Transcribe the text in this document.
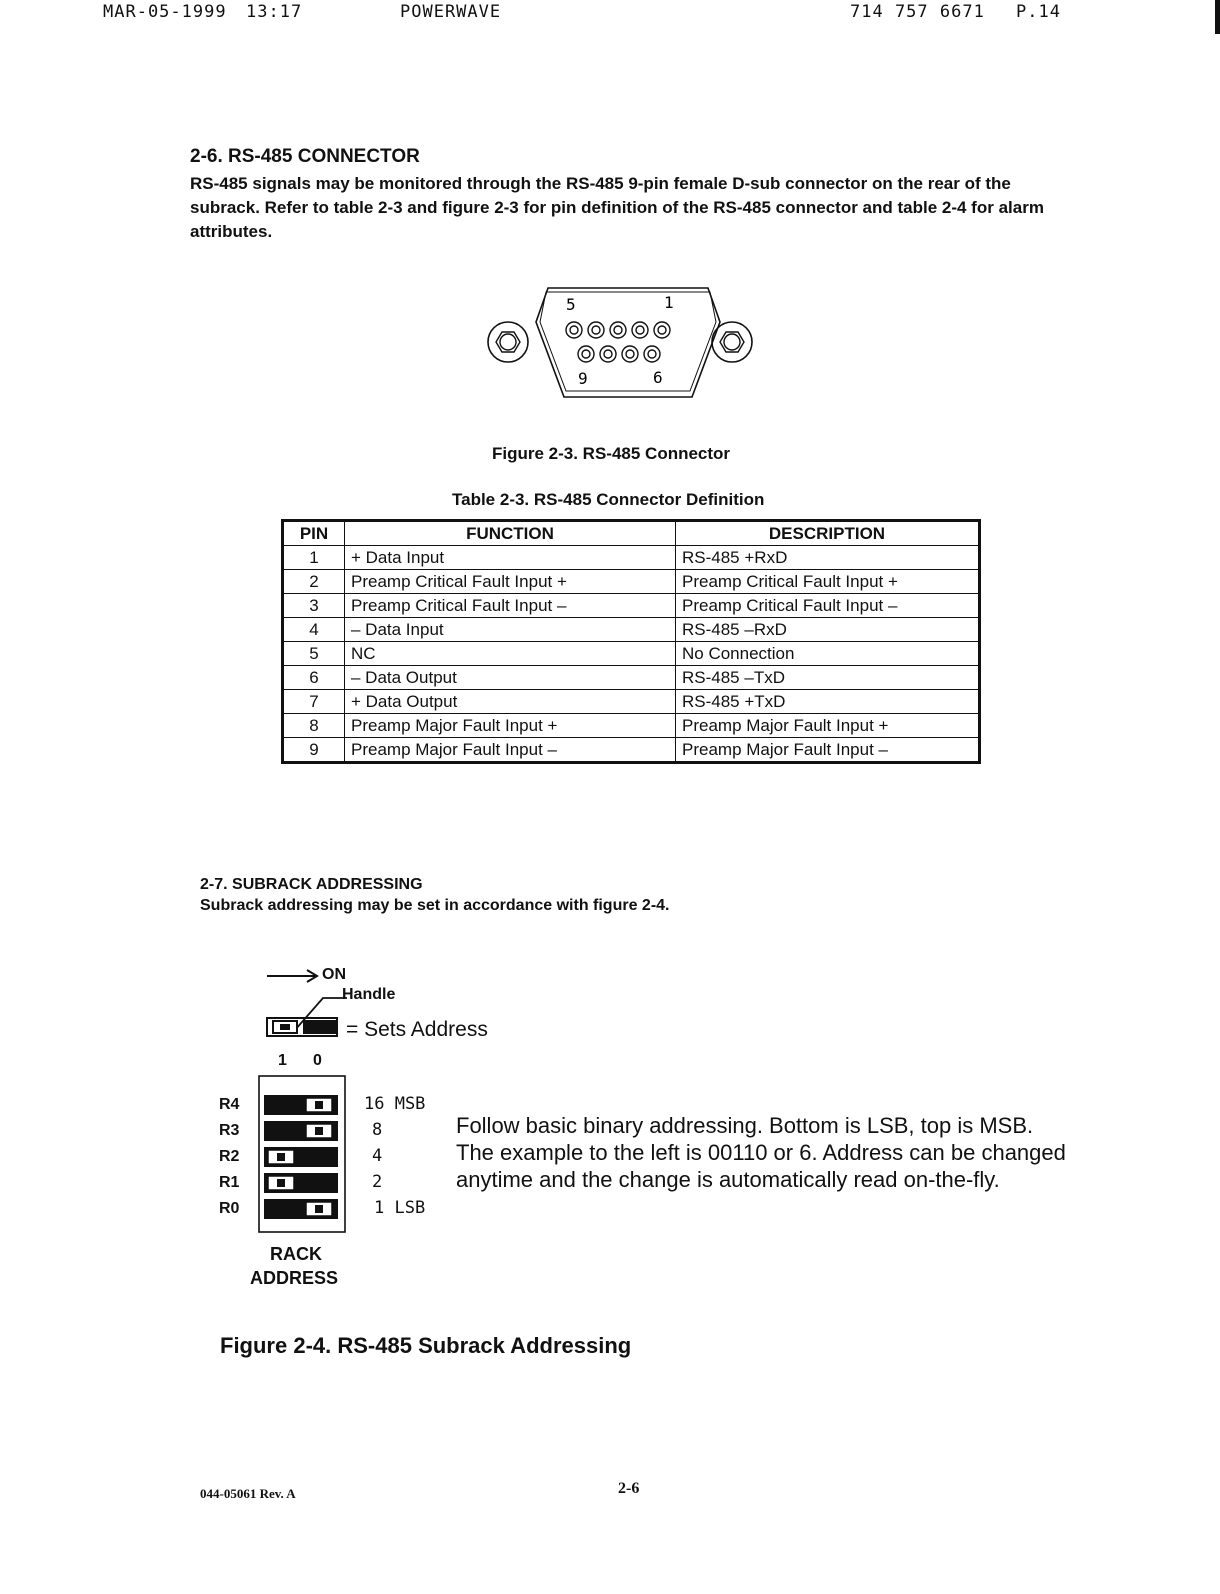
MAR-05-1999 13:17	POWERWAVE	714 757 6671 P.14
2-6. RS-485 CONNECTOR
RS-485 signals may be monitored through the RS-485 9-pin female D-sub connector on the rear of the subrack. Refer to table 2-3 and figure 2-3 for pin definition of the RS-485 connector and table 2-4 for alarm attributes.
5	1
9	6
Figure 2-3. RS-485 Connector
Table 2-3. RS-485 Connector Definition
PIN	FUNCTION	DESCRIPTION
1	+ Data Input	RS-485 +RxD
2	Preamp Critical Fault Input +	Preamp Critical Fault Input +
3	Preamp Critical Fault Input –	Preamp Critical Fault Input –
4	– Data Input	RS-485 –RxD
5	NC	No Connection
6	– Data Output	RS-485 –TxD
7	+ Data Output	RS-485 +TxD
8	Preamp Major Fault Input +	Preamp Major Fault Input +
9	Preamp Major Fault Input –	Preamp Major Fault Input –
2-7. SUBRACK ADDRESSING
Subrack addressing may be set in accordance with figure 2-4.
ON
Handle
= Sets Address
1 0
R4
R3
R2
R1
R0
16 MSB
8
4
2
1 LSB
Follow basic binary addressing. Bottom is LSB, top is MSB.
The example to the left is 00110 or 6. Address can be changed
anytime and the change is automatically read on-the-fly.
RACK
ADDRESS
Figure 2-4. RS-485 Subrack Addressing
044-05061 Rev. A	2-6
